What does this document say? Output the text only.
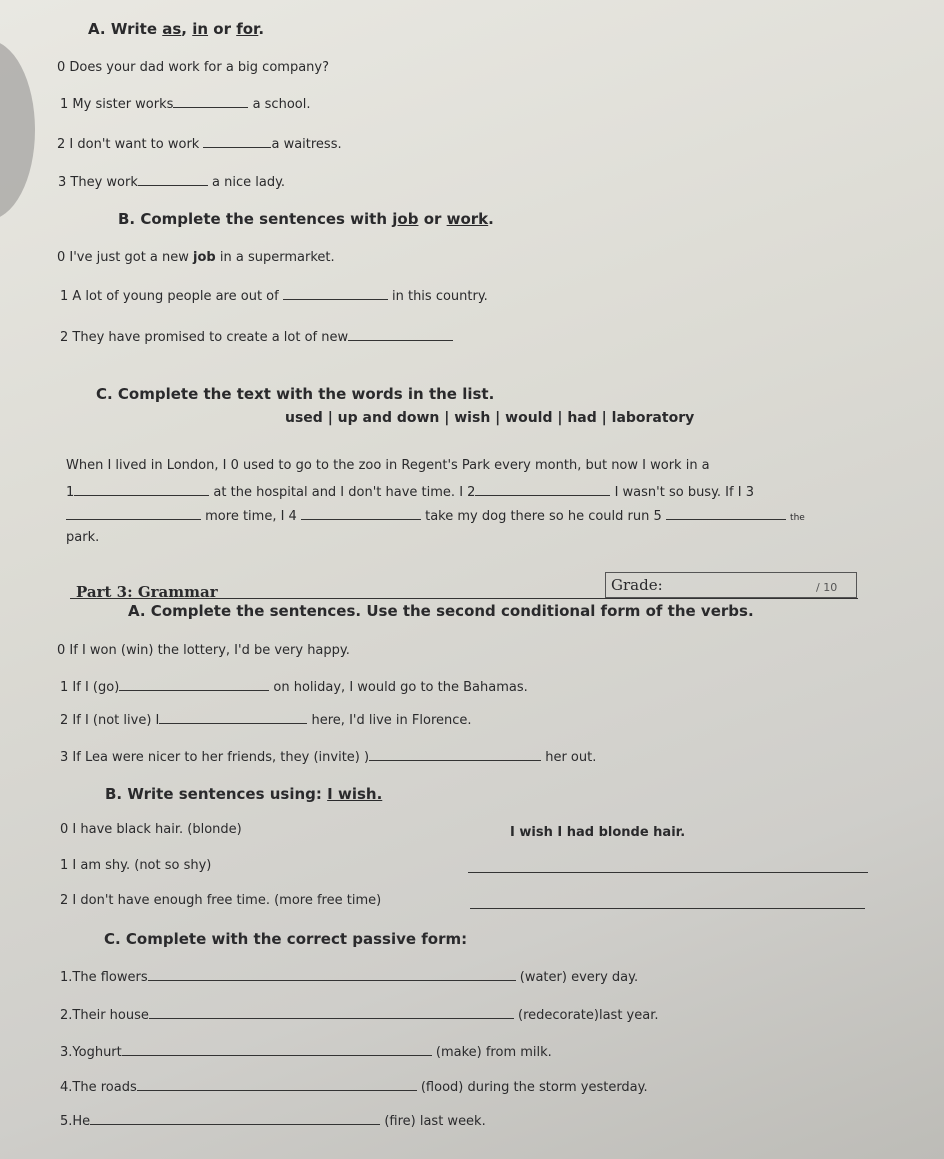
A. Write as, in or for.
0 Does your dad work for a big company?
1 My sister works	a school.
2 I don't want to work	a waitress.
3 They work	a nice lady.
B. Complete the sentences with job or work.
0 I've just got a new job in a supermarket.
1 A lot of young people are out of	in this country.
2 They have promised to create a lot of new
C. Complete the text with the words in the list.
used | up and down | wish | would | had | laboratory
When I lived in London, I 0 used to go to the zoo in Regent's Park every month, but now I work in a
1	at the hospital and I don't have time. I 2	I wasn't so busy. If I 3
more time, I 4	take my dog there so he could run 5	the
park.
Part 3: Grammar	Grade:	/ 10
A. Complete the sentences. Use the second conditional form of the verbs.
0 If I won (win) the lottery, I'd be very happy.
1 If I (go)	on holiday, I would go to the Bahamas.
2 If I (not live) I	here, I'd live in Florence.
3 If Lea were nicer to her friends, they (invite) )	her out.
B. Write sentences using: I wish.
0 I have black hair. (blonde)	I wish I had blonde hair.
1 I am shy. (not so shy)
2 I don't have enough free time. (more free time)
C. Complete with the correct passive form:
1.The flowers	(water) every day.
2.Their house	(redecorate)last year.
3.Yoghurt	(make) from milk.
4.The roads	(flood) during the storm yesterday.
5.He	(fire) last week.
